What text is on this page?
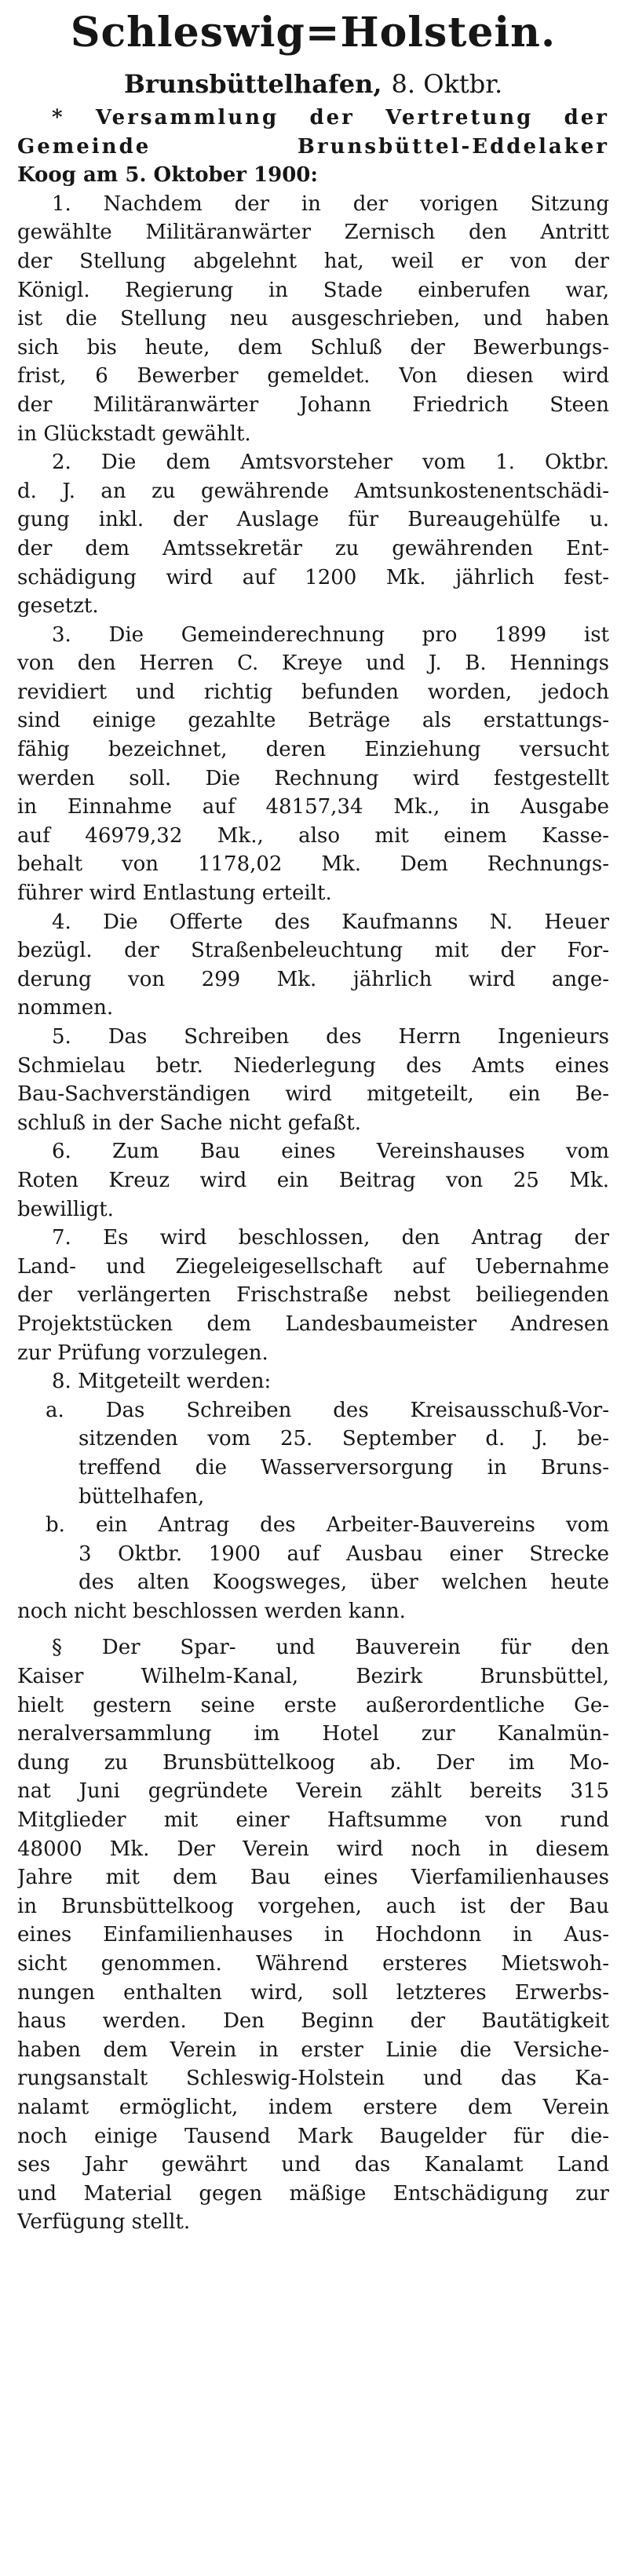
Schleswig=Holstein.
Brunsbüttelhafen, 8. Oktbr.
* Versammlung der Vertretung der
Gemeinde Brunsbüttel-Eddelaker
Koog am 5. Oktober 1900:
1. Nachdem der in der vorigen Sitzung
gewählte Militäranwärter Zernisch den Antritt
der Stellung abgelehnt hat, weil er von der
Königl. Regierung in Stade einberufen war,
ist die Stellung neu ausgeschrieben, und haben
sich bis heute, dem Schluß der Bewerbungs-
frist, 6 Bewerber gemeldet. Von diesen wird
der Militäranwärter Johann Friedrich Steen
in Glückstadt gewählt.
2. Die dem Amtsvorsteher vom 1. Oktbr.
d. J. an zu gewährende Amtsunkostenentschädi-
gung inkl. der Auslage für Bureaugehülfe u.
der dem Amtssekretär zu gewährenden Ent-
schädigung wird auf 1200 Mk. jährlich fest-
gesetzt.
3. Die Gemeinderechnung pro 1899 ist
von den Herren C. Kreye und J. B. Hennings
revidiert und richtig befunden worden, jedoch
sind einige gezahlte Beträge als erstattungs-
fähig bezeichnet, deren Einziehung versucht
werden soll. Die Rechnung wird festgestellt
in Einnahme auf 48157,34 Mk., in Ausgabe
auf 46979,32 Mk., also mit einem Kasse-
behalt von 1178,02 Mk. Dem Rechnungs-
führer wird Entlastung erteilt.
4. Die Offerte des Kaufmanns N. Heuer
bezügl. der Straßenbeleuchtung mit der For-
derung von 299 Mk. jährlich wird ange-
nommen.
5. Das Schreiben des Herrn Ingenieurs
Schmielau betr. Niederlegung des Amts eines
Bau-Sachverständigen wird mitgeteilt, ein Be-
schluß in der Sache nicht gefaßt.
6. Zum Bau eines Vereinshauses vom
Roten Kreuz wird ein Beitrag von 25 Mk.
bewilligt.
7. Es wird beschlossen, den Antrag der
Land- und Ziegeleigesellschaft auf Uebernahme
der verlängerten Frischstraße nebst beiliegenden
Projektstücken dem Landesbaumeister Andresen
zur Prüfung vorzulegen.
8. Mitgeteilt werden:
a. Das Schreiben des Kreisausschuß-Vor-
sitzenden vom 25. September d. J. be-
treffend die Wasserversorgung in Bruns-
büttelhafen,
b. ein Antrag des Arbeiter-Bauvereins vom
3 Oktbr. 1900 auf Ausbau einer Strecke
des alten Koogsweges, über welchen heute
noch nicht beschlossen werden kann.
§ Der Spar- und Bauverein für den
Kaiser Wilhelm-Kanal, Bezirk Brunsbüttel,
hielt gestern seine erste außerordentliche Ge-
neralversammlung im Hotel zur Kanalmün-
dung zu Brunsbüttelkoog ab. Der im Mo-
nat Juni gegründete Verein zählt bereits 315
Mitglieder mit einer Haftsumme von rund
48000 Mk. Der Verein wird noch in diesem
Jahre mit dem Bau eines Vierfamilienhauses
in Brunsbüttelkoog vorgehen, auch ist der Bau
eines Einfamilienhauses in Hochdonn in Aus-
sicht genommen. Während ersteres Mietswoh-
nungen enthalten wird, soll letzteres Erwerbs-
haus werden. Den Beginn der Bautätigkeit
haben dem Verein in erster Linie die Versiche-
rungsanstalt Schleswig-Holstein und das Ka-
nalamt ermöglicht, indem erstere dem Verein
noch einige Tausend Mark Baugelder für die-
ses Jahr gewährt und das Kanalamt Land
und Material gegen mäßige Entschädigung zur
Verfügung stellt.
